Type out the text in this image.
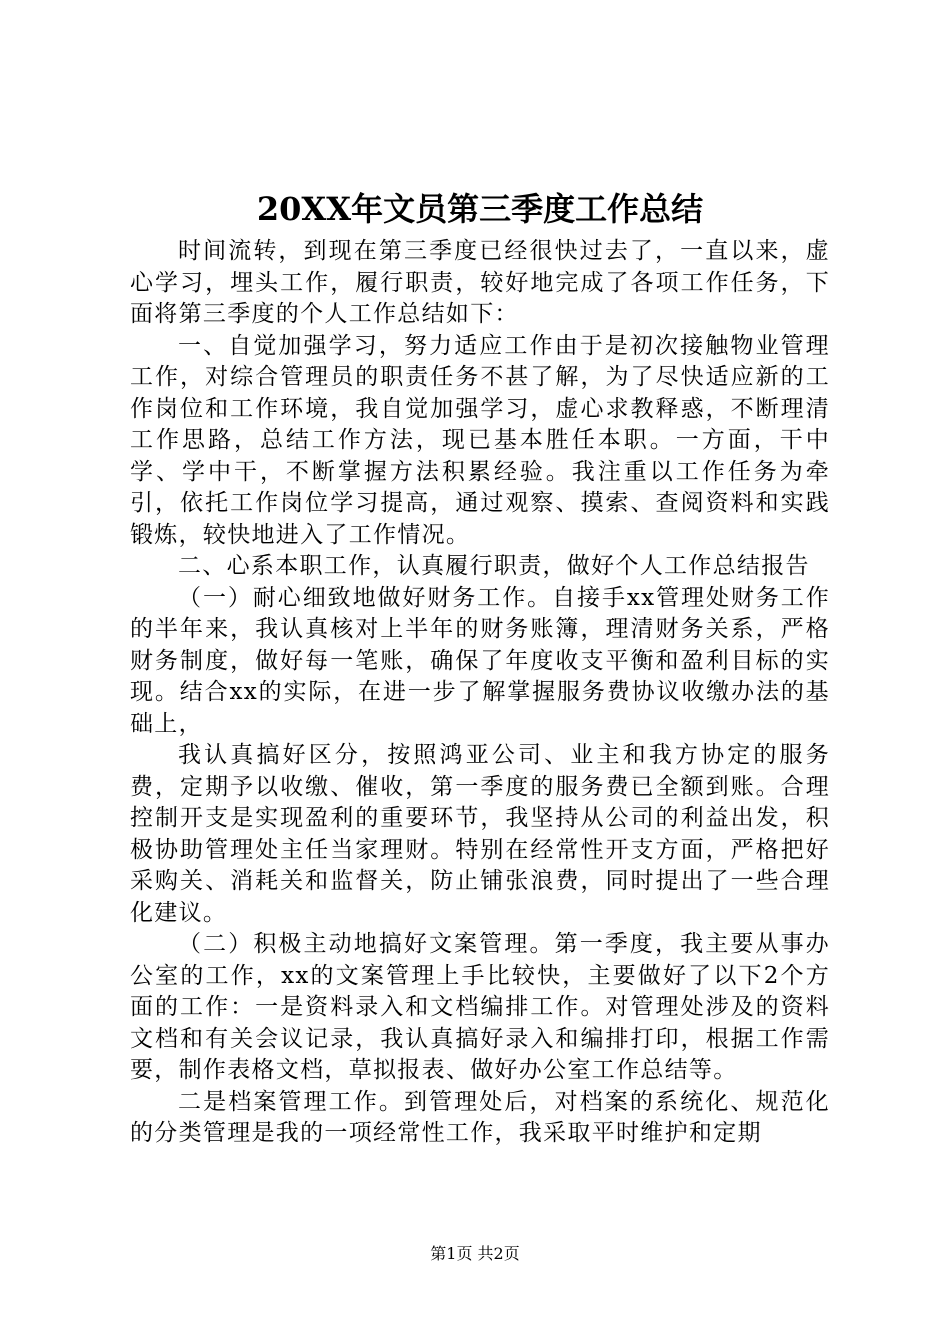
20XX年文员第三季度工作总结

时间流转，到现在第三季度已经很快过去了，一直以来，虚心学习，埋头工作，履行职责，较好地完成了各项工作任务，下面将第三季度的个人工作总结如下：

一、自觉加强学习，努力适应工作由于是初次接触物业管理工作，对综合管理员的职责任务不甚了解，为了尽快适应新的工作岗位和工作环境，我自觉加强学习，虚心求教释惑，不断理清工作思路，总结工作方法，现已基本胜任本职。一方面，干中学、学中干，不断掌握方法积累经验。我注重以工作任务为牵引，依托工作岗位学习提高，通过观察、摸索、查阅资料和实践锻炼，较快地进入了工作情况。

二、心系本职工作，认真履行职责，做好个人工作总结报告

（一）耐心细致地做好财务工作。自接手xx管理处财务工作的半年来，我认真核对上半年的财务账簿，理清财务关系，严格财务制度，做好每一笔账，确保了年度收支平衡和盈利目标的实现。结合xx的实际，在进一步了解掌握服务费协议收缴办法的基础上，

我认真搞好区分，按照鸿亚公司、业主和我方协定的服务费，定期予以收缴、催收，第一季度的服务费已全额到账。合理控制开支是实现盈利的重要环节，我坚持从公司的利益出发，积极协助管理处主任当家理财。特别在经常性开支方面，严格把好采购关、消耗关和监督关，防止铺张浪费，同时提出了一些合理化建议。

（二）积极主动地搞好文案管理。第一季度，我主要从事办公室的工作，xx的文案管理上手比较快，主要做好了以下2个方面的工作：一是资料录入和文档编排工作。对管理处涉及的资料文档和有关会议记录，我认真搞好录入和编排打印，根据工作需要，制作表格文档，草拟报表、做好办公室工作总结等。

二是档案管理工作。到管理处后，对档案的系统化、规范化的分类管理是我的一项经常性工作，我采取平时维护和定期

第1页 共2页
